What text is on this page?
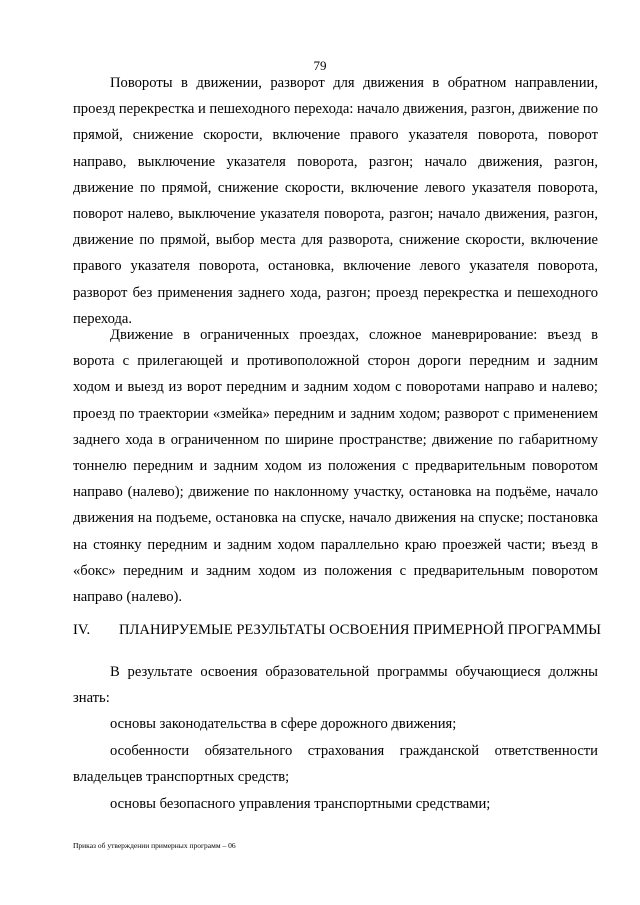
79

Повороты в движении, разворот для движения в обратном направлении, проезд перекрестка и пешеходного перехода: начало движения, разгон, движение по прямой, снижение скорости, включение правого указателя поворота, поворот направо, выключение указателя поворота, разгон; начало движения, разгон, движение по прямой, снижение скорости, включение левого указателя поворота, поворот налево, выключение указателя поворота, разгон; начало движения, разгон, движение по прямой, выбор места для разворота, снижение скорости, включение правого указателя поворота, остановка, включение левого указателя поворота, разворот без применения заднего хода, разгон; проезд перекрестка и пешеходного перехода.

Движение в ограниченных проездах, сложное маневрирование: въезд в ворота с прилегающей и противоположной сторон дороги передним и задним ходом и выезд из ворот передним и задним ходом с поворотами направо и налево; проезд по траектории «змейка» передним и задним ходом; разворот с применением заднего хода в ограниченном по ширине пространстве; движение по габаритному тоннелю передним и задним ходом из положения с предварительным поворотом направо (налево); движение по наклонному участку, остановка на подъёме, начало движения на подъеме, остановка на спуске, начало движения на спуске; постановка на стоянку передним и задним ходом параллельно краю проезжей части; въезд в «бокс» передним и задним ходом из положения с предварительным поворотом направо (налево).

IV. ПЛАНИРУЕМЫЕ РЕЗУЛЬТАТЫ ОСВОЕНИЯ ПРИМЕРНОЙ ПРОГРАММЫ

В результате освоения образовательной программы обучающиеся должны знать:

основы законодательства в сфере дорожного движения;

особенности обязательного страхования гражданской ответственности владельцев транспортных средств;

основы безопасного управления транспортными средствами;

Приказ об утверждении примерных программ – 06
